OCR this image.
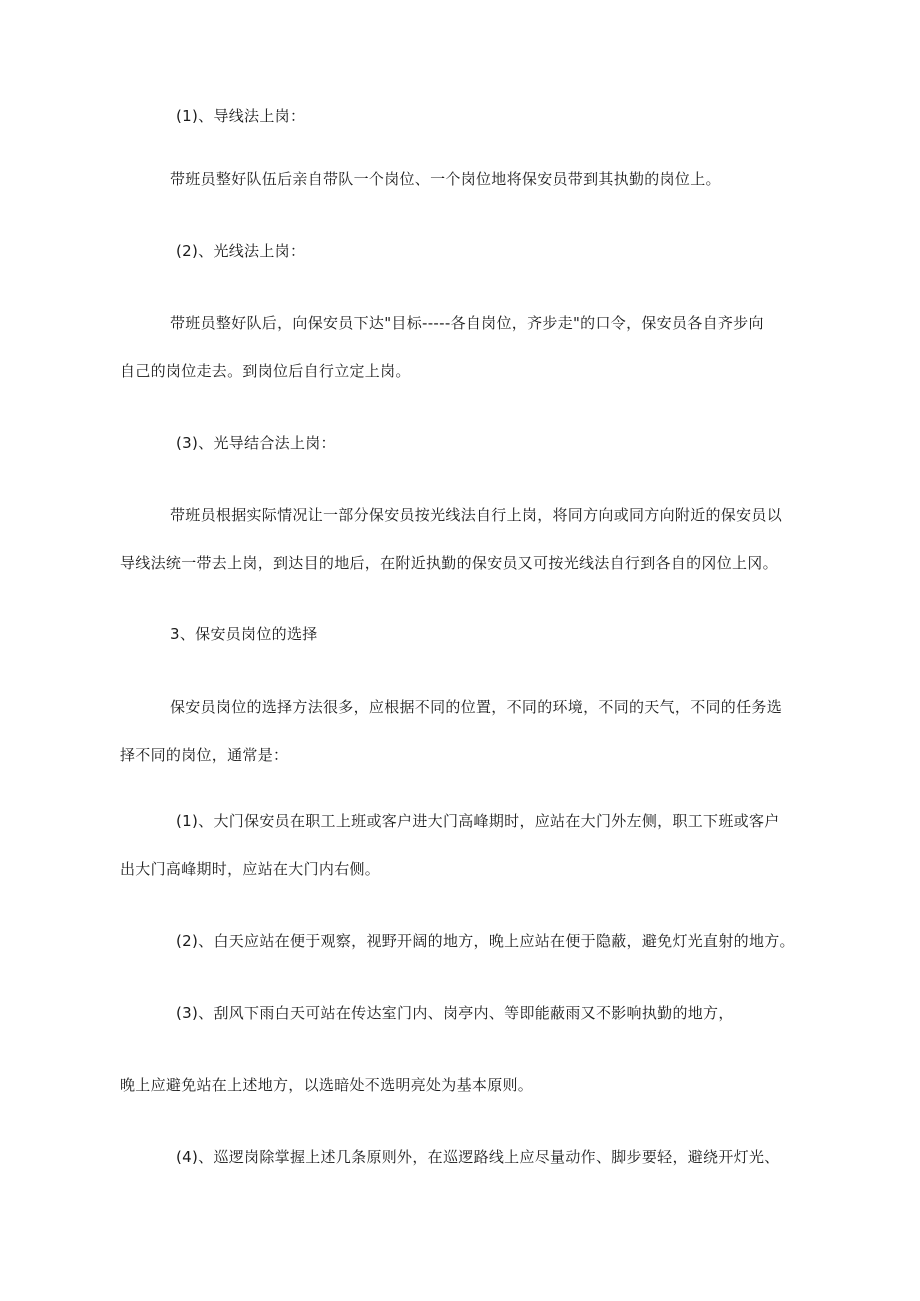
(1)、导线法上岗：
带班员整好队伍后亲自带队一个岗位、一个岗位地将保安员带到其执勤的岗位上。
(2)、光线法上岗：
带班员整好队后，向保安员下达"目标-----各自岗位，齐步走"的口令，保安员各自齐步向
自己的岗位走去。到岗位后自行立定上岗。
(3)、光导结合法上岗：
带班员根据实际情况让一部分保安员按光线法自行上岗，将同方向或同方向附近的保安员以
导线法统一带去上岗，到达目的地后，在附近执勤的保安员又可按光线法自行到各自的冈位上冈。
3、保安员岗位的选择
保安员岗位的选择方法很多，应根据不同的位置，不同的环境，不同的天气，不同的任务选
择不同的岗位，通常是：
(1)、大门保安员在职工上班或客户进大门高峰期时，应站在大门外左侧，职工下班或客户
出大门高峰期时，应站在大门内右侧。
(2)、白天应站在便于观察，视野开阔的地方，晚上应站在便于隐蔽，避免灯光直射的地方。
(3)、刮风下雨白天可站在传达室门内、岗亭内、等即能蔽雨又不影响执勤的地方，
晚上应避免站在上述地方，以选暗处不选明亮处为基本原则。
(4)、巡逻岗除掌握上述几条原则外，在巡逻路线上应尽量动作、脚步要轻，避绕开灯光、
